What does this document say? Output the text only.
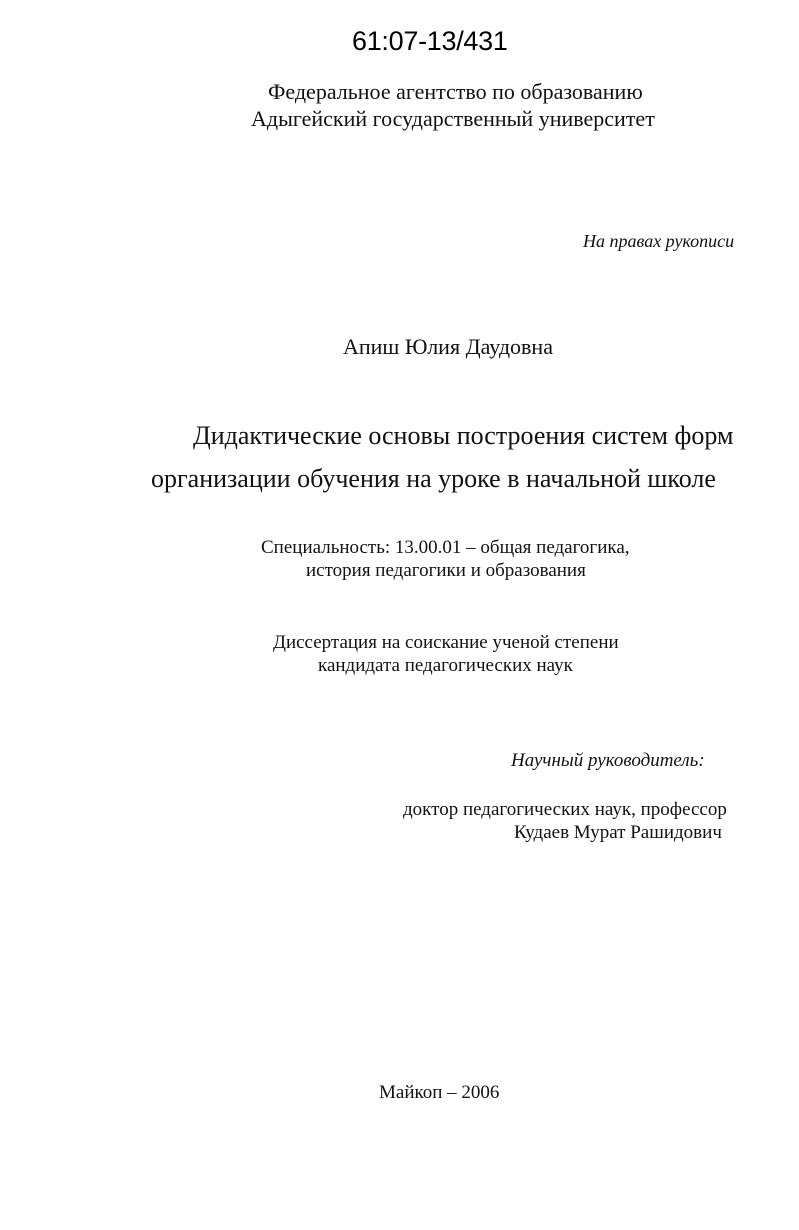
61:07-13/431
Федеральное агентство по образованию
Адыгейский государственный университет
На правах рукописи
Апиш Юлия Даудовна
Дидактические основы построения систем форм
организации обучения на уроке в начальной школе
Специальность: 13.00.01 – общая педагогика,
история педагогики и образования
Диссертация на соискание ученой степени
кандидата педагогических наук
Научный руководитель:
доктор педагогических наук, профессор
Кудаев Мурат Рашидович
Майкоп – 2006
